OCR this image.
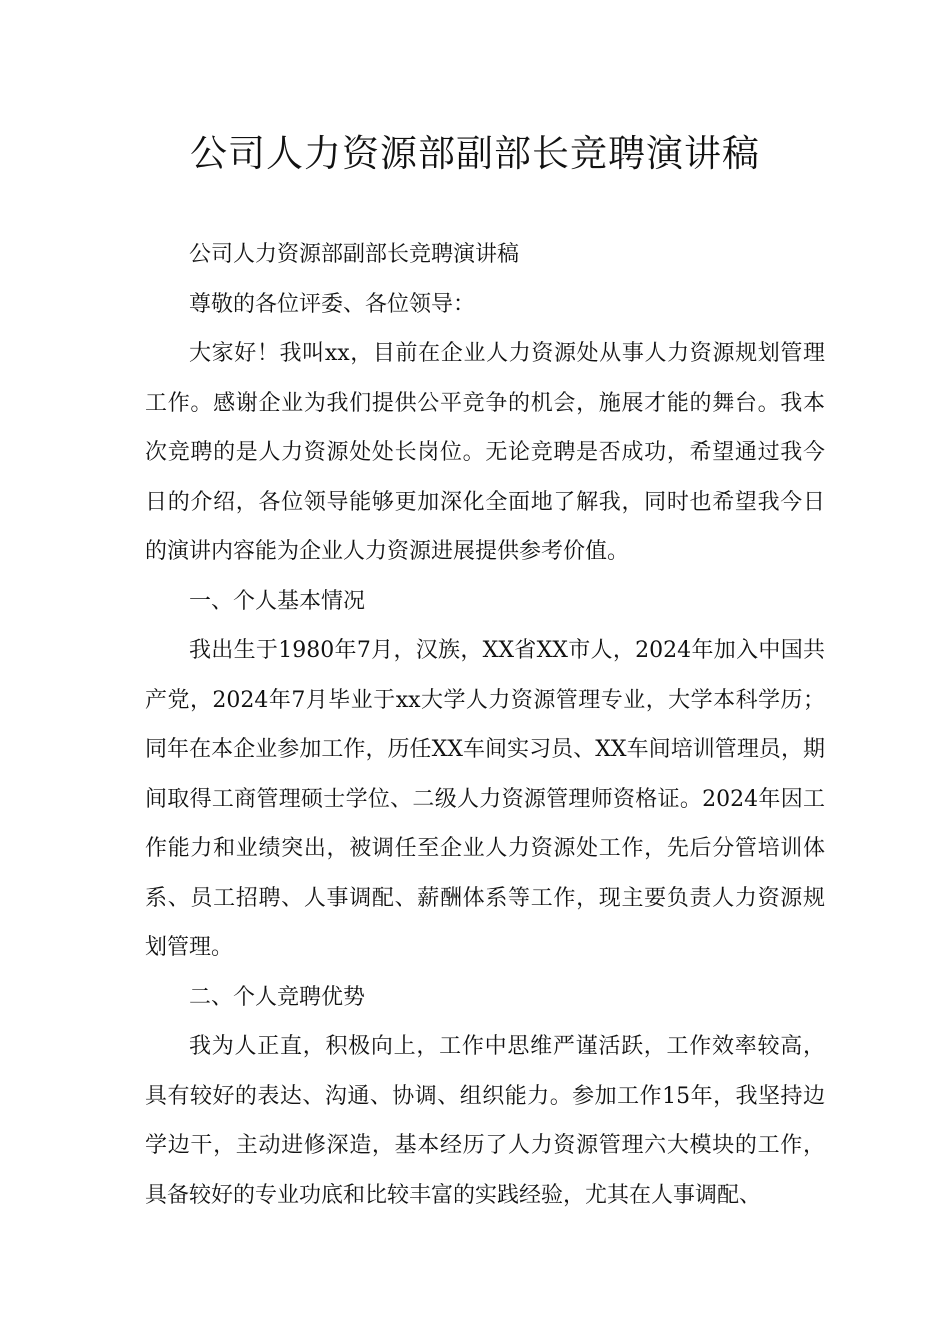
公司人力资源部副部长竞聘演讲稿

公司人力资源部副部长竞聘演讲稿

尊敬的各位评委、各位领导：

大家好！我叫xx，目前在企业人力资源处从事人力资源规划管理工作。感谢企业为我们提供公平竞争的机会，施展才能的舞台。我本次竞聘的是人力资源处处长岗位。无论竞聘是否成功，希望通过我今日的介绍，各位领导能够更加深化全面地了解我，同时也希望我今日的演讲内容能为企业人力资源进展提供参考价值。

一、个人基本情况

我出生于1980年7月，汉族，XX省XX市人，2024年加入中国共产党，2024年7月毕业于xx大学人力资源管理专业，大学本科学历；同年在本企业参加工作，历任XX车间实习员、XX车间培训管理员，期间取得工商管理硕士学位、二级人力资源管理师资格证。2024年因工作能力和业绩突出，被调任至企业人力资源处工作，先后分管培训体系、员工招聘、人事调配、薪酬体系等工作，现主要负责人力资源规划管理。

二、个人竞聘优势

我为人正直，积极向上，工作中思维严谨活跃，工作效率较高，具有较好的表达、沟通、协调、组织能力。参加工作15年，我坚持边学边干，主动进修深造，基本经历了人力资源管理六大模块的工作，具备较好的专业功底和比较丰富的实践经验，尤其在人事调配、
